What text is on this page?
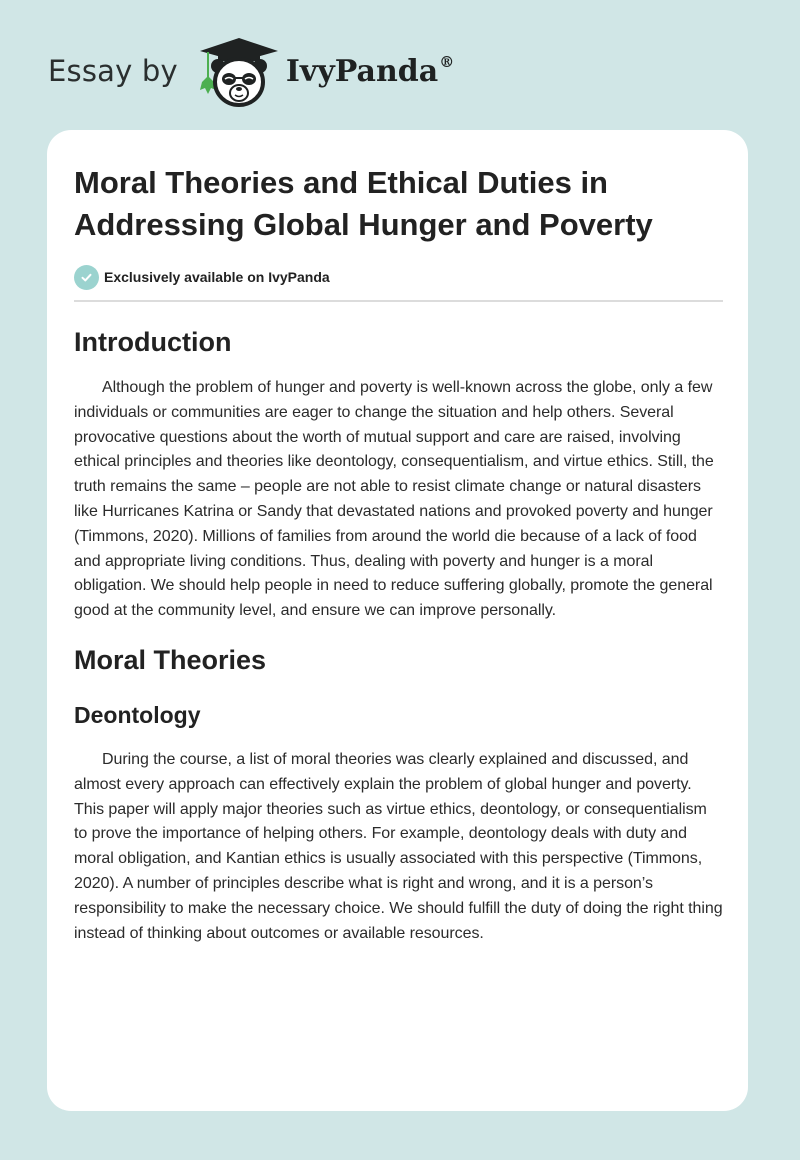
Essay by	IvyPanda®
Moral Theories and Ethical Duties in Addressing Global Hunger and Poverty
Exclusively available on IvyPanda
Introduction

Although the problem of hunger and poverty is well-known across the globe, only a few individuals or communities are eager to change the situation and help others. Several provocative questions about the worth of mutual support and care are raised, involving ethical principles and theories like deontology, consequentialism, and virtue ethics. Still, the truth remains the same – people are not able to resist climate change or natural disasters like Hurricanes Katrina or Sandy that devastated nations and provoked poverty and hunger (Timmons, 2020). Millions of families from around the world die because of a lack of food and appropriate living conditions. Thus, dealing with poverty and hunger is a moral obligation. We should help people in need to reduce suffering globally, promote the general good at the community level, and ensure we can improve personally.

Moral Theories
Deontology

During the course, a list of moral theories was clearly explained and discussed, and almost every approach can effectively explain the problem of global hunger and poverty. This paper will apply major theories such as virtue ethics, deontology, or consequentialism to prove the importance of helping others. For example, deontology deals with duty and moral obligation, and Kantian ethics is usually associated with this perspective (Timmons, 2020). A number of principles describe what is right and wrong, and it is a person’s responsibility to make the necessary choice. We should fulfill the duty of doing the right thing instead of thinking about outcomes or available resources.
